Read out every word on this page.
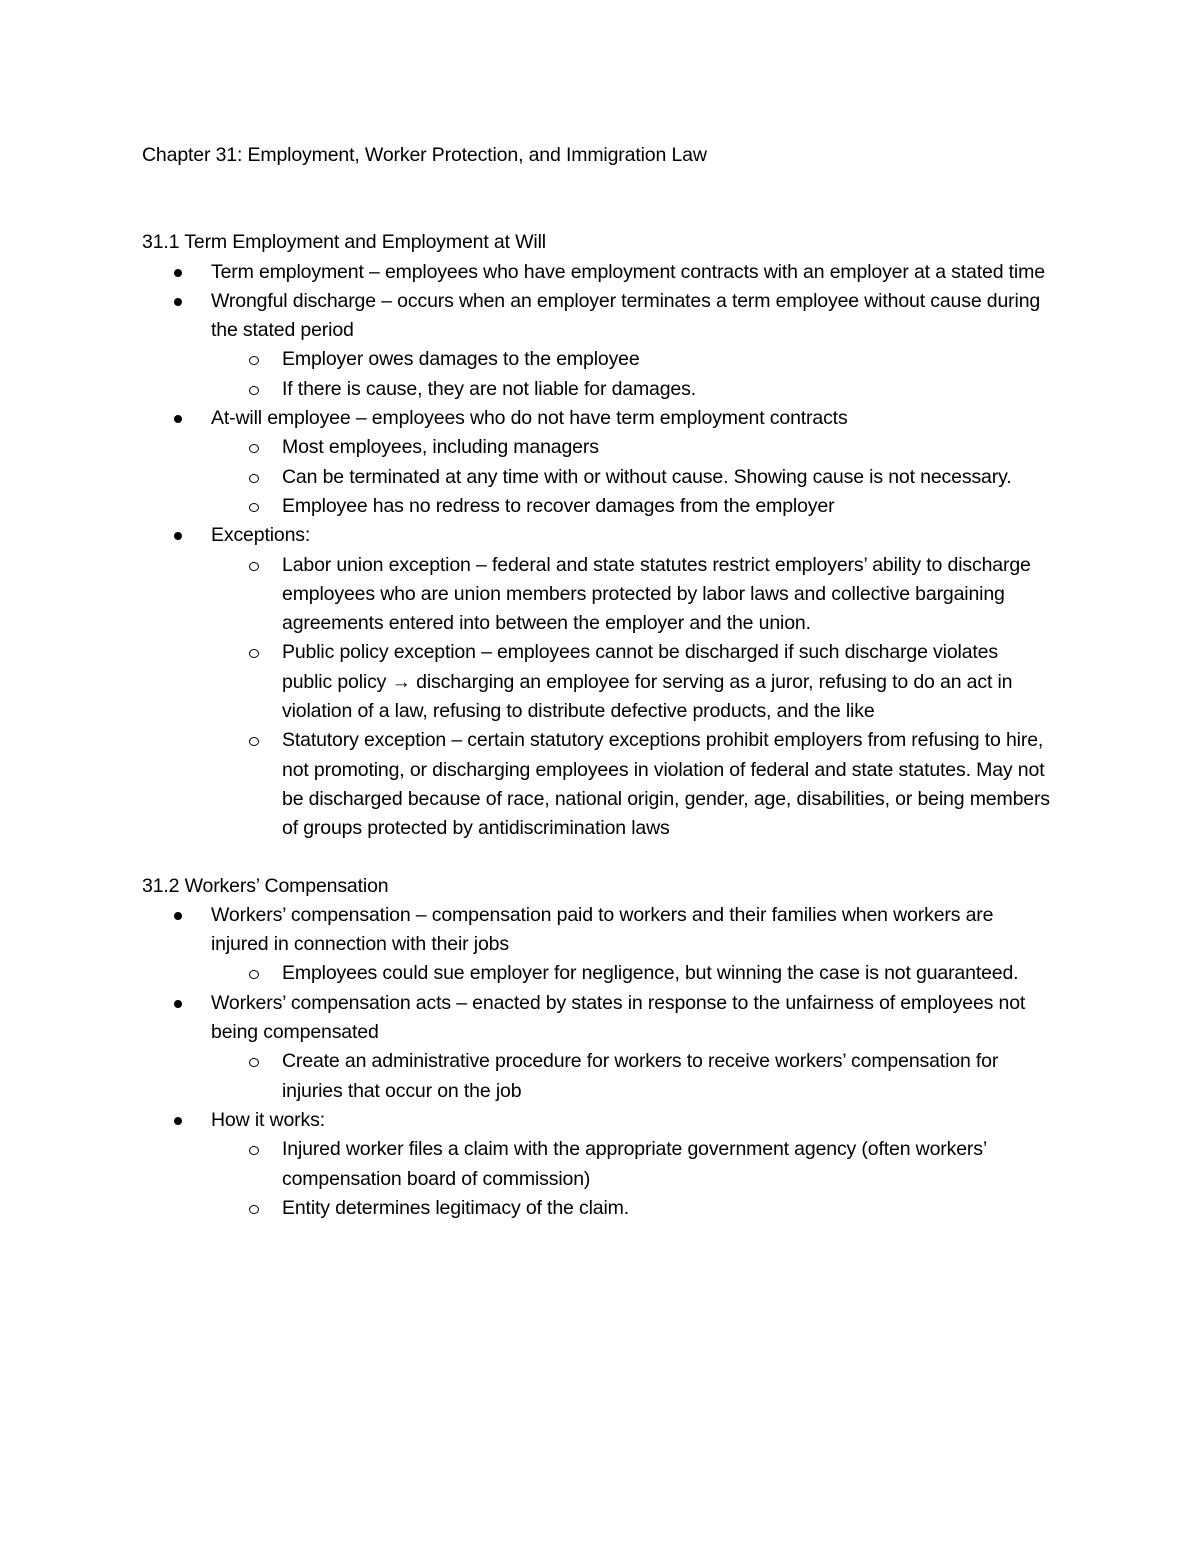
Chapter 31: Employment, Worker Protection, and Immigration Law
31.1 Term Employment and Employment at Will
Term employment – employees who have employment contracts with an employer at a stated time
Wrongful discharge – occurs when an employer terminates a term employee without cause during the stated period
Employer owes damages to the employee
If there is cause, they are not liable for damages.
At-will employee – employees who do not have term employment contracts
Most employees, including managers
Can be terminated at any time with or without cause. Showing cause is not necessary.
Employee has no redress to recover damages from the employer
Exceptions:
Labor union exception – federal and state statutes restrict employers’ ability to discharge employees who are union members protected by labor laws and collective bargaining agreements entered into between the employer and the union.
Public policy exception – employees cannot be discharged if such discharge violates public policy → discharging an employee for serving as a juror, refusing to do an act in violation of a law, refusing to distribute defective products, and the like
Statutory exception – certain statutory exceptions prohibit employers from refusing to hire, not promoting, or discharging employees in violation of federal and state statutes. May not be discharged because of race, national origin, gender, age, disabilities, or being members of groups protected by antidiscrimination laws
31.2 Workers’ Compensation
Workers’ compensation – compensation paid to workers and their families when workers are injured in connection with their jobs
Employees could sue employer for negligence, but winning the case is not guaranteed.
Workers’ compensation acts – enacted by states in response to the unfairness of employees not being compensated
Create an administrative procedure for workers to receive workers’ compensation for injuries that occur on the job
How it works:
Injured worker files a claim with the appropriate government agency (often workers’ compensation board of commission)
Entity determines legitimacy of the claim.
